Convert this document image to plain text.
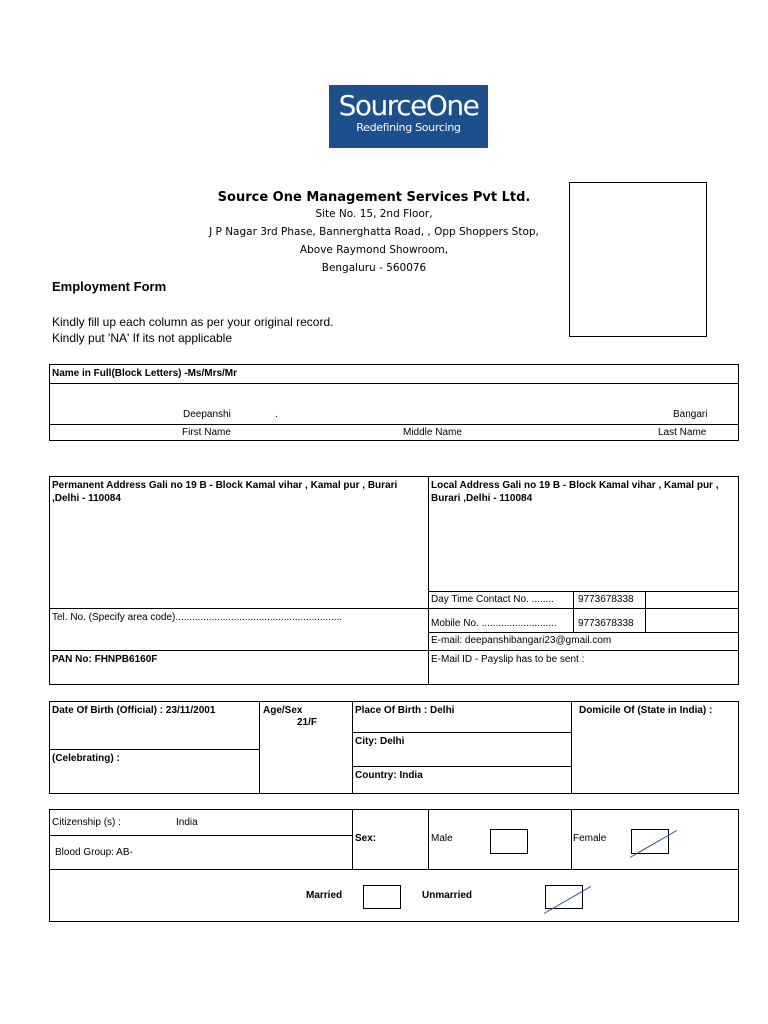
SourceOne
Redefining Sourcing
Source One Management Services Pvt Ltd.
Site No. 15, 2nd Floor,
J P Nagar 3rd Phase, Bannerghatta Road, , Opp Shoppers Stop,
Above Raymond Showroom,
Bengaluru - 560076
Employment Form
Kindly fill up each column as per your original record.
Kindly put 'NA' If its not applicable
Name in Full(Block Letters) -Ms/Mrs/Mr
Deepanshi	.	Bangari
First Name	Middle Name	Last Name
Permanent Address Gali no 19 B - Block Kamal vihar , Kamal pur , Burari ,Delhi - 110084
Local Address Gali no 19 B - Block Kamal vihar , Kamal pur , Burari ,Delhi - 110084
Day Time Contact No. ........ 9773678338
Tel. No. (Specify area code)............................................................
Mobile No. ........................... 9773678338
E-mail: deepanshibangari23@gmail.com
PAN No: FHNPB6160F	E-Mail ID - Payslip has to be sent :
Date Of Birth (Official) : 23/11/2001
(Celebrating) :
Age/Sex
21/F
Place Of Birth : Delhi
City: Delhi
Country: India
Domicile Of (State in India) :
Citizenship (s) :	India
Blood Group: AB-
Sex:	Male	Female
Married	Unmarried
